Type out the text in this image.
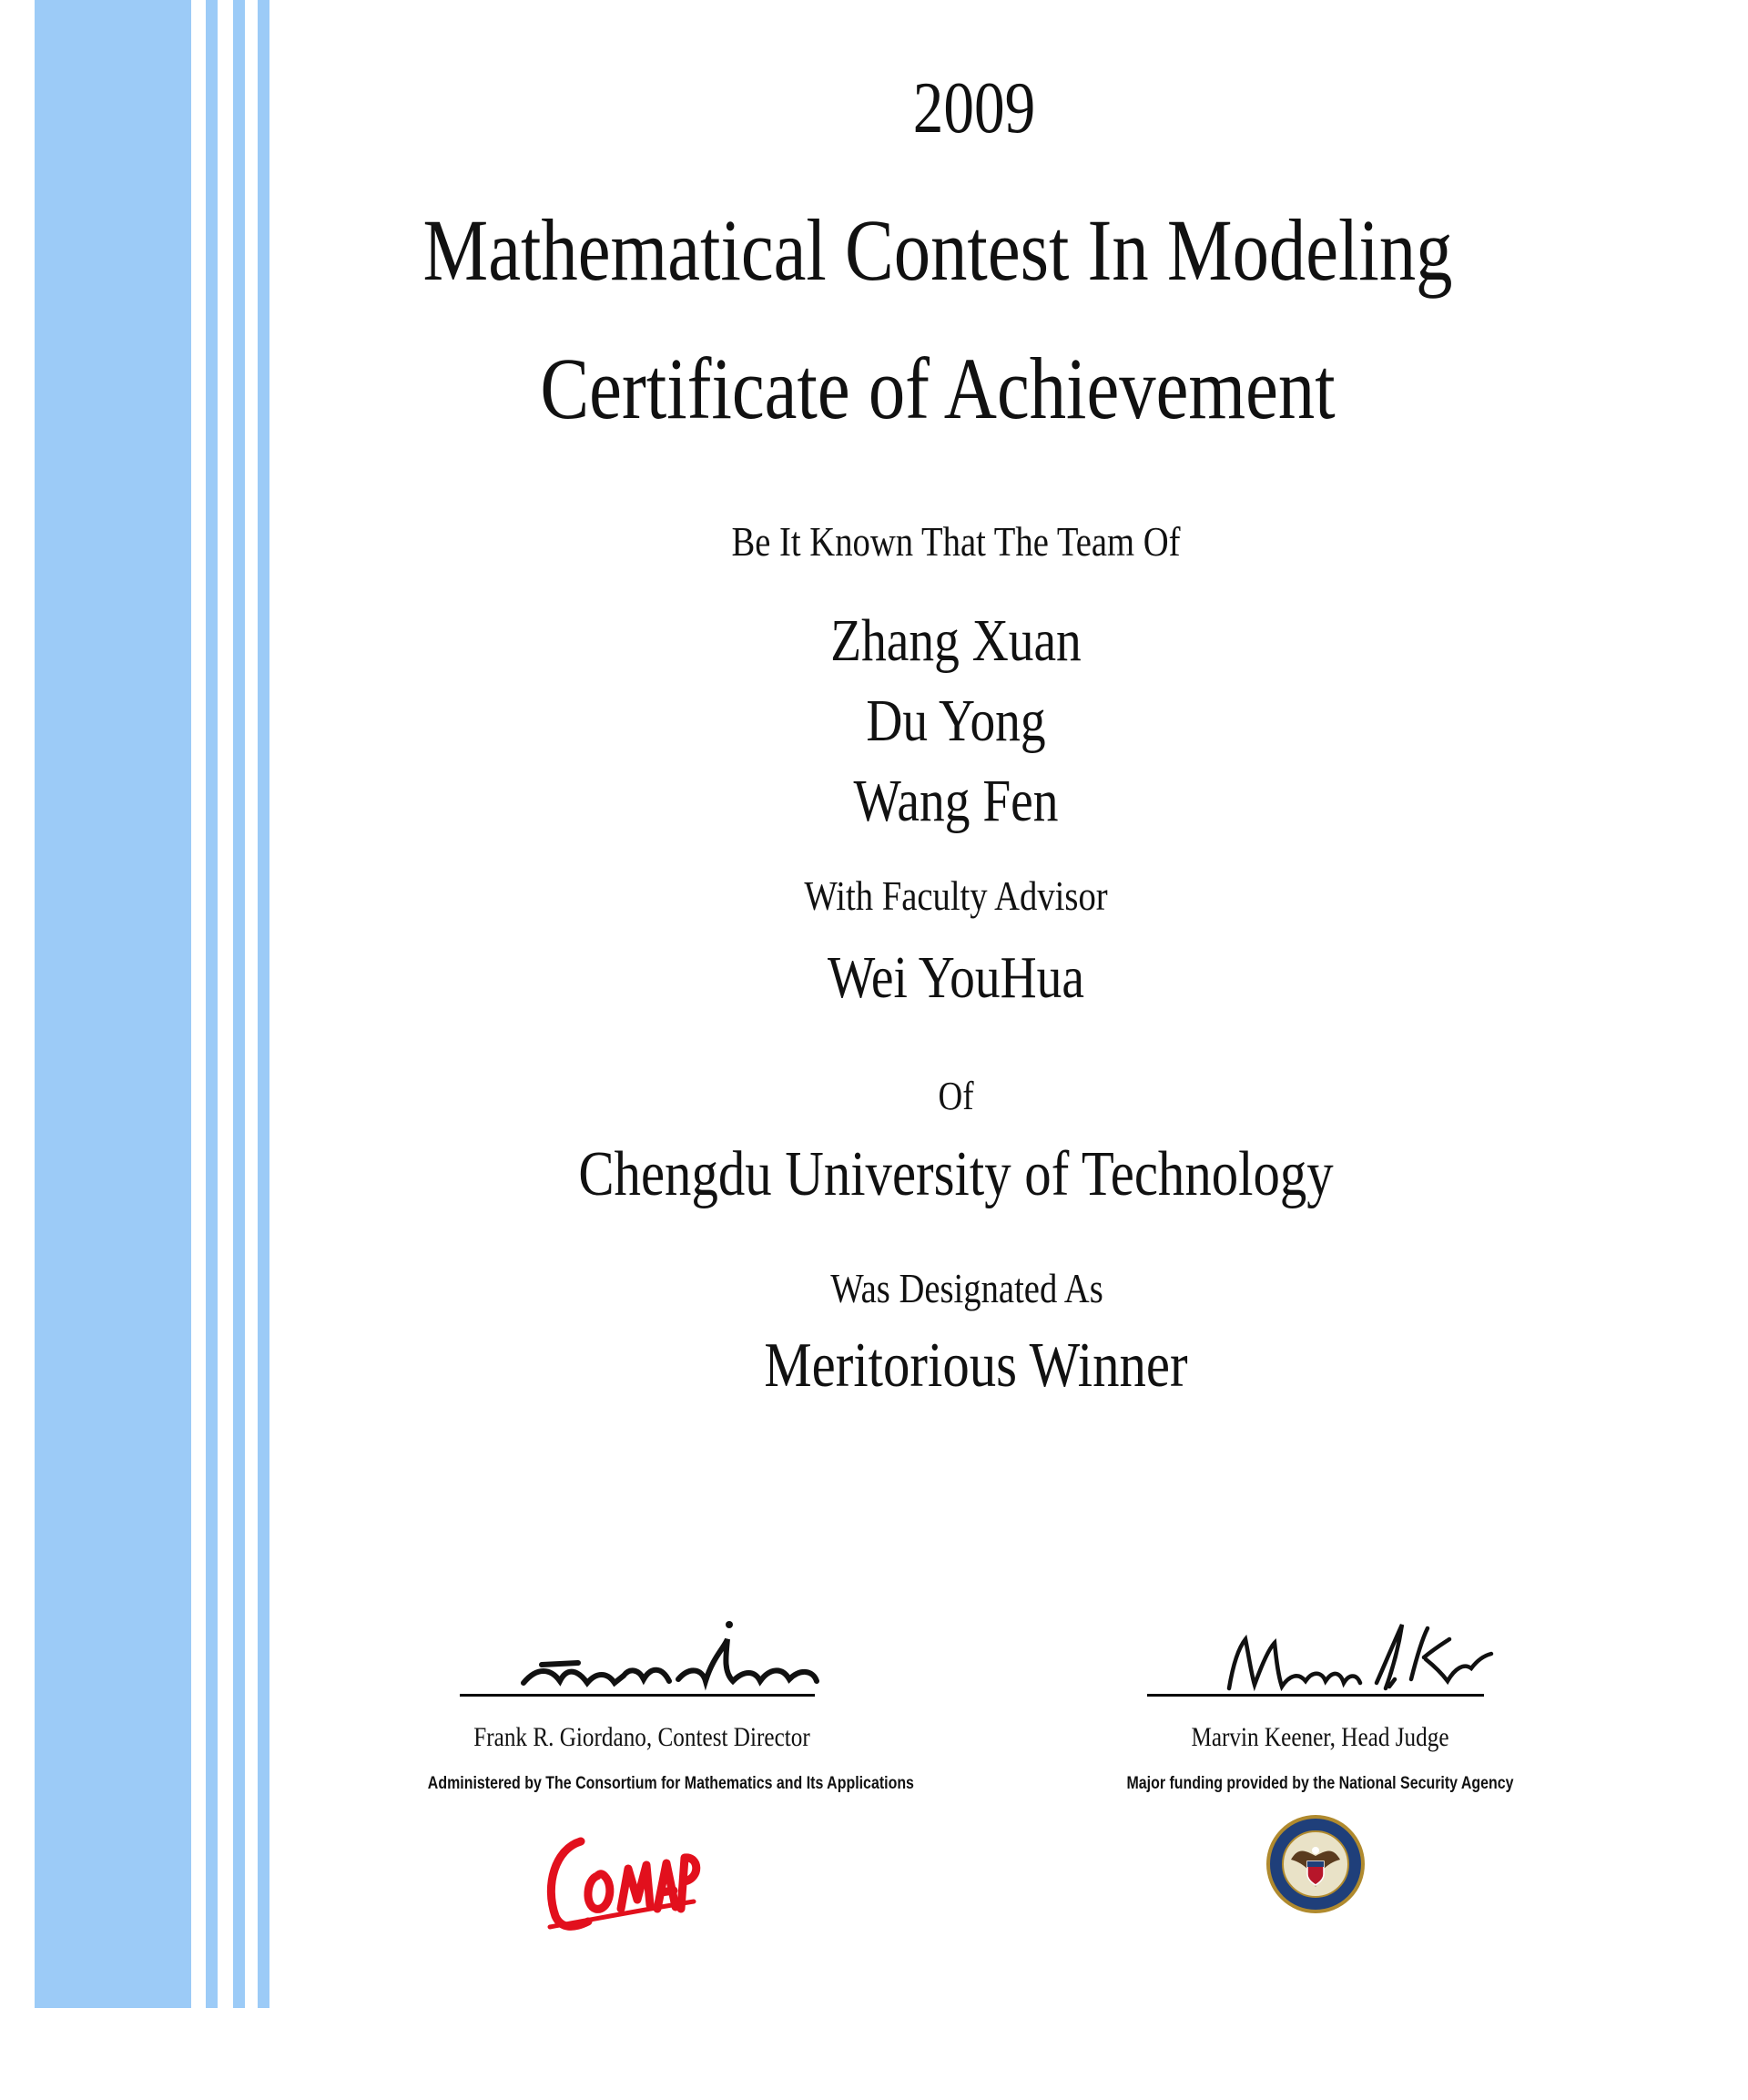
2009
Mathematical Contest In Modeling
Certificate of Achievement
Be It Known That The Team Of
Zhang Xuan
Du Yong
Wang Fen
With Faculty Advisor
Wei YouHua
Of
Chengdu University of Technology
Was Designated As
Meritorious Winner
Frank R. Giordano, Contest Director
Administered by The Consortium for Mathematics and Its Applications
Marvin Keener, Head Judge
Major funding provided by the National Security Agency
